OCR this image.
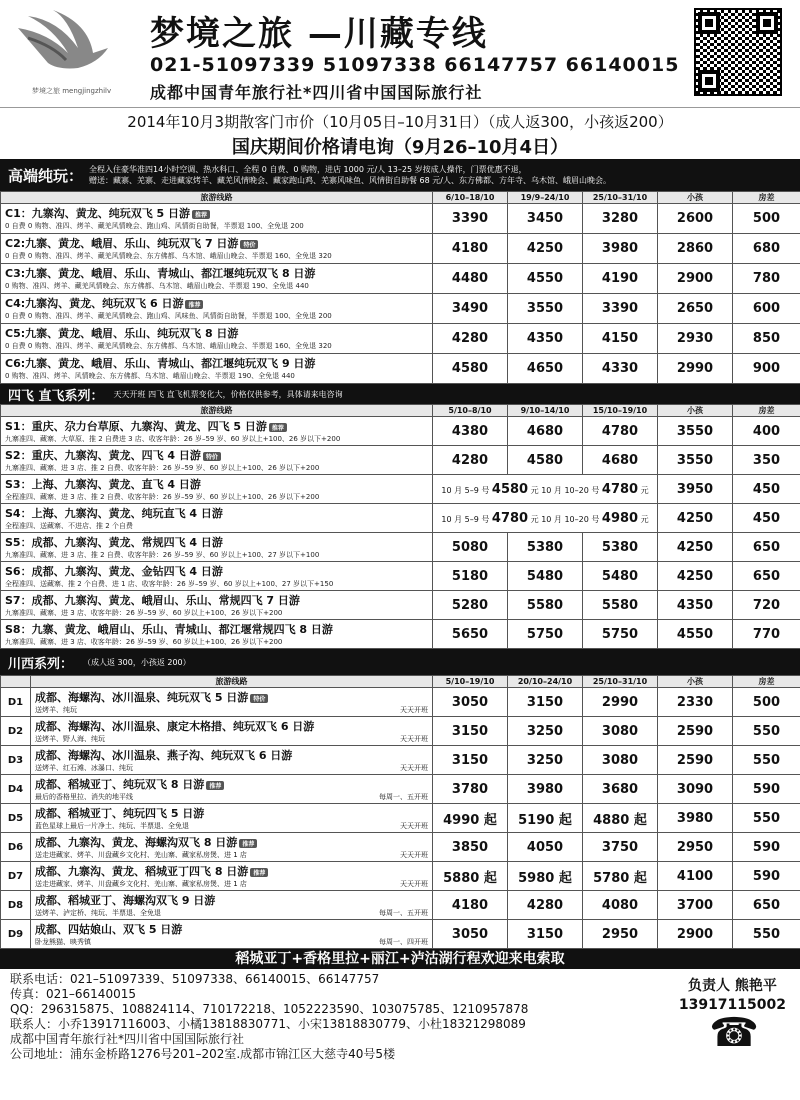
梦境之旅 mengjingzhilv
梦境之旅 —川藏专线
021-51097339 51097338 66147757 66140015
成都中国青年旅行社*四川省中国国际旅行社
2014年10月3期散客门市价（10月05日–10月31日）（成人返300，小孩返200）
国庆期间价格请电询（9月26–10月4日）
高端纯玩： 全程入住豪华准四14小时空调、热水科口、全程 0 自费、0 购物，进店 1000 元/人 13–25 岁按成人操作，门票优惠不退，
赠送：藏寨、羌寨、走进藏家烤羊、藏羌风情晚会、藏家跑山鸡、羌寨风味鱼、风情街自助餐 68 元/人、东方佛都、方年寺、乌木馆、峨眉山晚会。
旅游线路	6/10–18/10	19/9–24/10	25/10–31/10	小孩	房差

C1：九寨沟、黄龙、纯玩双飞 5 日游 推荐
0 自费 0 购物、准四、烤羊、藏羌风情晚会、跑山鸡、风情街自助餐，半票退 100、全免退 200	3390	3450	3280	2600	500

C2:九寨、黄龙、峨眉、乐山、纯玩双飞 7 日游 特价
0 自费 0 购物、准四、烤羊、藏羌风情晚会、东方佛都、乌木馆、峨眉山晚会、半票退 160、全免退 320	4180	4250	3980	2860	680

C3:九寨、黄龙、峨眉、乐山、青城山、都江堰纯玩双飞 8 日游
0 购物、准四、烤羊、藏羌风情晚会、东方佛都、乌木馆、峨眉山晚会、半票退 190、全免退 440	4480	4550	4190	2900	780

C4:九寨沟、黄龙、纯玩双飞 6 日游 推荐
0 自费 0 购物、准四、烤羊、藏羌风情晚会、跑山鸡、风味鱼、风情街自助餐，半票退 100、全免退 200	3490	3550	3390	2650	600

C5:九寨、黄龙、峨眉、乐山、纯玩双飞 8 日游
0 自费 0 购物、准四、烤羊、藏羌风情晚会、东方佛都、乌木馆、峨眉山晚会、半票退 160、全免退 320	4280	4350	4150	2930	850

C6:九寨、黄龙、峨眉、乐山、青城山、都江堰纯玩双飞 9 日游
0 购物、准四、烤羊、风情晚会、东方佛都、乌木馆、峨眉山晚会、半票退 190、全免退 440	4580	4650	4330	2990	900
四飞 直飞系列： 天天开班 四飞 直飞机票变化大，价格仅供参考，具体请来电咨询
旅游线路	5/10–8/10	9/10–14/10	15/10–19/10	小孩	房差

S1：重庆、尕力台草原、九寨沟、黄龙、四飞 5 日游 推荐
九寨准四、藏寨、大草原、推 2 自费进 3 店、收客年龄：26 岁–59 岁、60 岁以上+100、26 岁以下+200	4380	4680	4780	3550	400

S2：重庆、九寨沟、黄龙、四飞 4 日游 特价
九寨准四、藏寨、进 3 店、推 2 自费、收客年龄：26 岁–59 岁、60 岁以上+100、26 岁以下+200	4280	4580	4680	3550	350

S3：上海、九寨沟、黄龙、直飞 4 日游
全程准四、藏寨、进 3 店、推 2 自费、收客年龄：26 岁–59 岁、60 岁以上+100、26 岁以下+200	10 月 5–9 号 4580 元 10 月 10–20 号 4780 元			3950	450

S4：上海、九寨沟、黄龙、纯玩直飞 4 日游
全程准四、送藏寨、不进店、推 2 个自费	10 月 5–9 号 4780 元 10 月 10–20 号 4980 元			4250	450

S5：成都、九寨沟、黄龙、常规四飞 4 日游
九寨准四、藏寨、进 3 店、推 2 自费、收客年龄：26 岁–59 岁、60 岁以上+100、27 岁以下+100	5080	5380	5380	4250	650

S6：成都、九寨沟、黄龙、金钻四飞 4 日游
全程准四、送藏寨、推 2 个自费、进 1 店、收客年龄：26 岁–59 岁、60 岁以上+100、27 岁以下+150	5180	5480	5480	4250	650

S7：成都、九寨沟、黄龙、峨眉山、乐山、常规四飞 7 日游
九寨准四、藏寨、进 3 店、收客年龄：26 岁–59 岁、60 岁以上+100、26 岁以下+200	5280	5580	5580	4350	720

S8：九寨、黄龙、峨眉山、乐山、青城山、都江堰常规四飞 8 日游
九寨准四、藏寨、进 3 店、收客年龄：26 岁–59 岁、60 岁以上+100、26 岁以下+200	5650	5750	5750	4550	770
川西系列： （成人返 300，小孩返 200）
	旅游线路	5/10–19/10	20/10–24/10	25/10–31/10	小孩	房差
D1	成都、海螺沟、冰川温泉、纯玩双飞 5 日游 特价
送烤羊、纯玩 天天开班	3050	3150	2990	2330	500
D2	成都、海螺沟、冰川温泉、康定木格措、纯玩双飞 6 日游
送烤羊、野人海、纯玩 天天开班	3150	3250	3080	2590	550
D3	成都、海螺沟、冰川温泉、燕子沟、纯玩双飞 6 日游
送烤羊、红石滩、冰瀑口、纯玩 天天开班	3150	3250	3080	2590	550
D4	成都、稻城亚丁、纯玩双飞 8 日游 推荐
最后的香格里拉、消失的地平线 每周一、五开班	3780	3980	3680	3090	590
D5	成都、稻城亚丁、纯玩四飞 5 日游
蓝色星球上最后一片净土、纯玩、半票退、全免退 天天开班	4990 起	5190 起	4880 起	3980	550
D6	成都、九寨沟、黄龙、海螺沟双飞 8 日游 推荐
送走进藏家、烤羊、川盘藏乡文化村、羌山寨、藏家私房煲、进 1 店 天天开班	3850	4050	3750	2950	590
D7	成都、九寨沟、黄龙、稻城亚丁四飞 8 日游 推荐
送走进藏家、烤羊、川盘藏乡文化村、羌山寨、藏家私房煲、进 1 店 天天开班	5880 起	5980 起	5780 起	4100	590
D8	成都、稻城亚丁、海螺沟双飞 9 日游
送烤羊、泸定桥、纯玩、半票退、全免退 每周一、五开班	4180	4280	4080	3700	650
D9	成都、四姑娘山、双飞 5 日游
卧龙熊猫、映秀镇 每周一、四开班	3050	3150	2950	2900	550
稻城亚丁+香格里拉+丽江+泸沽湖行程欢迎来电索取
联系电话：021–51097339、51097338、66140015、66147757
传真：021–66140015
QQ：296315875、108824114、710172218、1052223590、103075785、1210957878
联系人：小乔13917116003、小橘13818830771、小宋13818830779、小杜18321298089
成都中国青年旅行社*四川省中国国际旅行社
公司地址：浦东金桥路1276号201–202室.成都市锦江区大慈寺40号5楼
负责人 熊艳平
13917115002
☎
